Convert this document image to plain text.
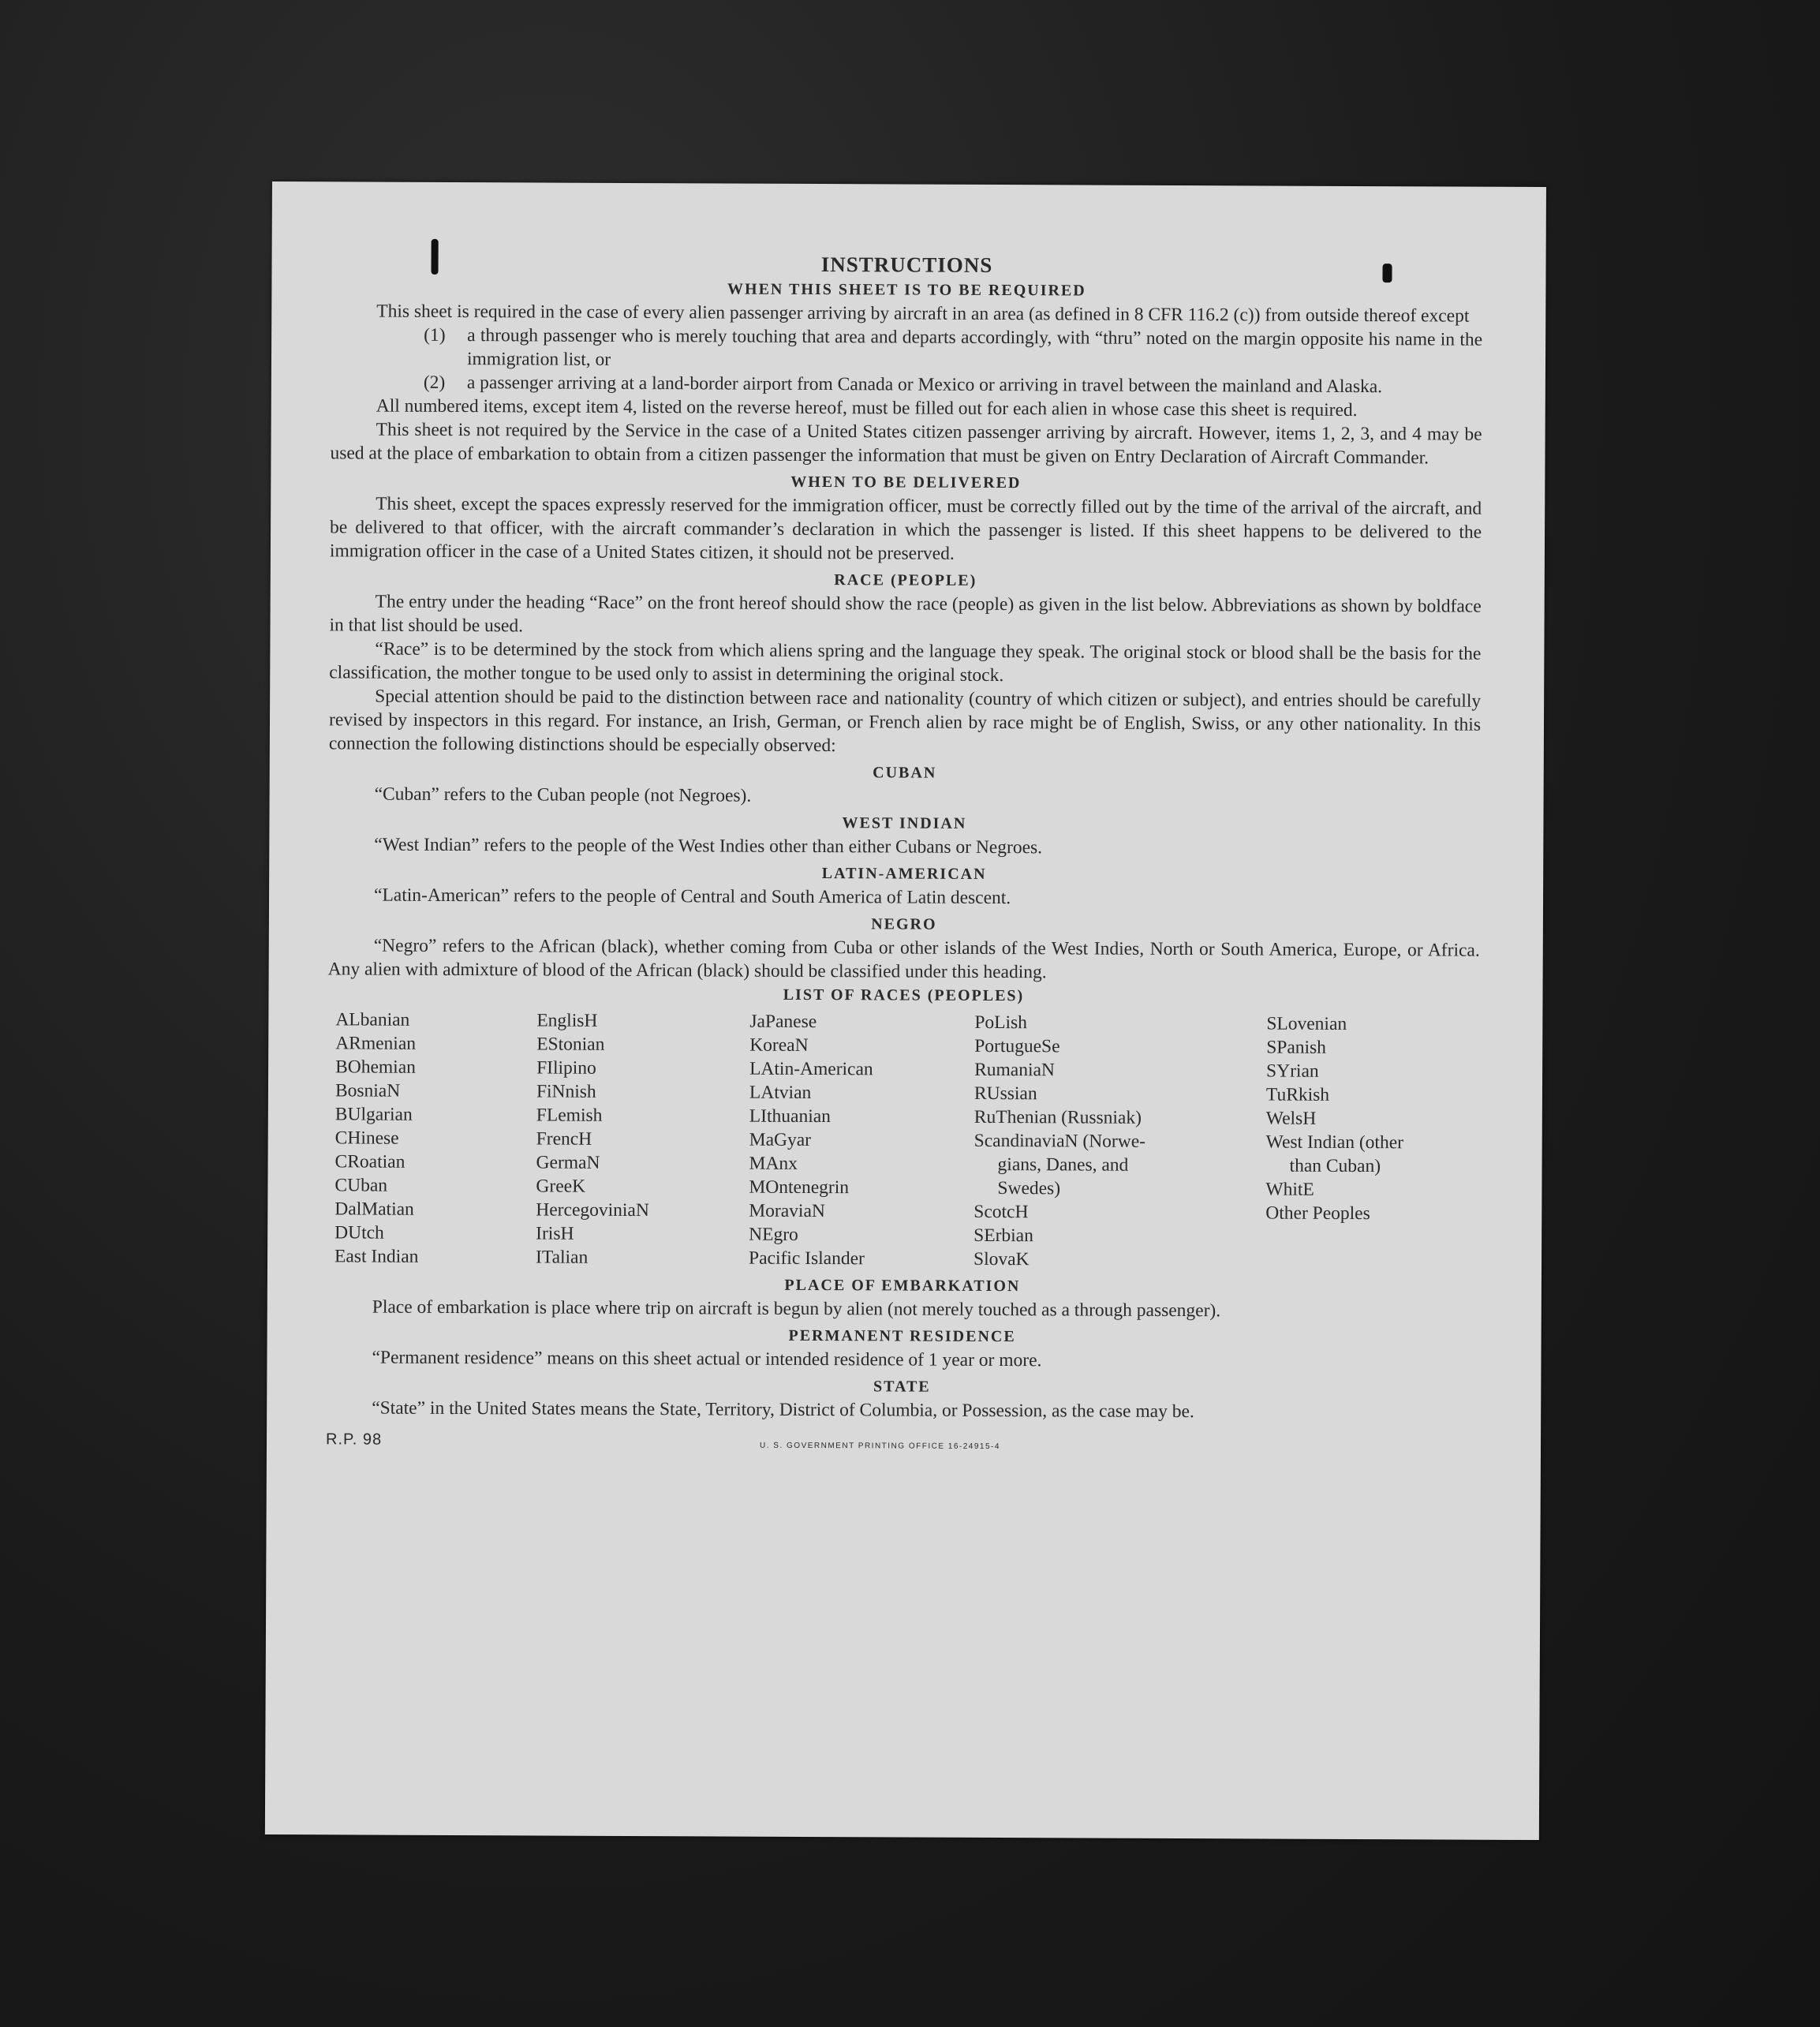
INSTRUCTIONS
WHEN THIS SHEET IS TO BE REQUIRED

This sheet is required in the case of every alien passenger arriving by aircraft in an area (as defined in 8 CFR 116.2 (c)) from outside thereof except

(1)	a through passenger who is merely touching that area and departs accordingly, with “thru” noted on the margin opposite his name in the immigration list, or
(2)	a passenger arriving at a land-border airport from Canada or Mexico or arriving in travel between the mainland and Alaska.

All numbered items, except item 4, listed on the reverse hereof, must be filled out for each alien in whose case this sheet is required.

This sheet is not required by the Service in the case of a United States citizen passenger arriving by aircraft. However, items 1, 2, 3, and 4 may be used at the place of embarkation to obtain from a citizen passenger the information that must be given on Entry Declaration of Aircraft Commander.

WHEN TO BE DELIVERED

This sheet, except the spaces expressly reserved for the immigration officer, must be correctly filled out by the time of the arrival of the aircraft, and be delivered to that officer, with the aircraft commander’s declaration in which the passenger is listed. If this sheet happens to be delivered to the immigration officer in the case of a United States citizen, it should not be preserved.

RACE (PEOPLE)

The entry under the heading “Race” on the front hereof should show the race (people) as given in the list below. Abbreviations as shown by boldface in that list should be used.

“Race” is to be determined by the stock from which aliens spring and the language they speak. The original stock or blood shall be the basis for the classification, the mother tongue to be used only to assist in determining the original stock.

Special attention should be paid to the distinction between race and nationality (country of which citizen or subject), and entries should be carefully revised by inspectors in this regard. For instance, an Irish, German, or French alien by race might be of English, Swiss, or any other nationality. In this connection the following distinctions should be especially observed:

CUBAN

“Cuban” refers to the Cuban people (not Negroes).

WEST INDIAN

“West Indian” refers to the people of the West Indies other than either Cubans or Negroes.

LATIN-AMERICAN

“Latin-American” refers to the people of Central and South America of Latin descent.

NEGRO

“Negro” refers to the African (black), whether coming from Cuba or other islands of the West Indies, North or South America, Europe, or Africa. Any alien with admixture of blood of the African (black) should be classified under this heading.

LIST OF RACES (PEOPLES)
ALbanian
ARmenian
BOhemian
BosniaN
BUlgarian
CHinese
CRoatian
CUban
DalMatian
DUtch
East Indian
EnglisH
EStonian
FIlipino
FiNnish
FLemish
FrencH
GermaN
GreeK
HercegoviniaN
IrisH
ITalian
JaPanese
KoreaN
LAtin-American
LAtvian
LIthuanian
MaGyar
MAnx
MOntenegrin
MoraviaN
NEgro
Pacific Islander
PoLish
PortugueSe
RumaniaN
RUssian
RuThenian (Russniak)
ScandinaviaN (Norwe-
gians, Danes, and
Swedes)
ScotcH
SErbian
SlovaK
SLovenian
SPanish
SYrian
TuRkish
WelsH
West Indian (other
than Cuban)
WhitE
Other Peoples
PLACE OF EMBARKATION

Place of embarkation is place where trip on aircraft is begun by alien (not merely touched as a through passenger).

PERMANENT RESIDENCE

“Permanent residence” means on this sheet actual or intended residence of 1 year or more.

STATE

“State” in the United States means the State, Territory, District of Columbia, or Possession, as the case may be.

R.P. 98	U. S. GOVERNMENT PRINTING OFFICE 16-24915-4
